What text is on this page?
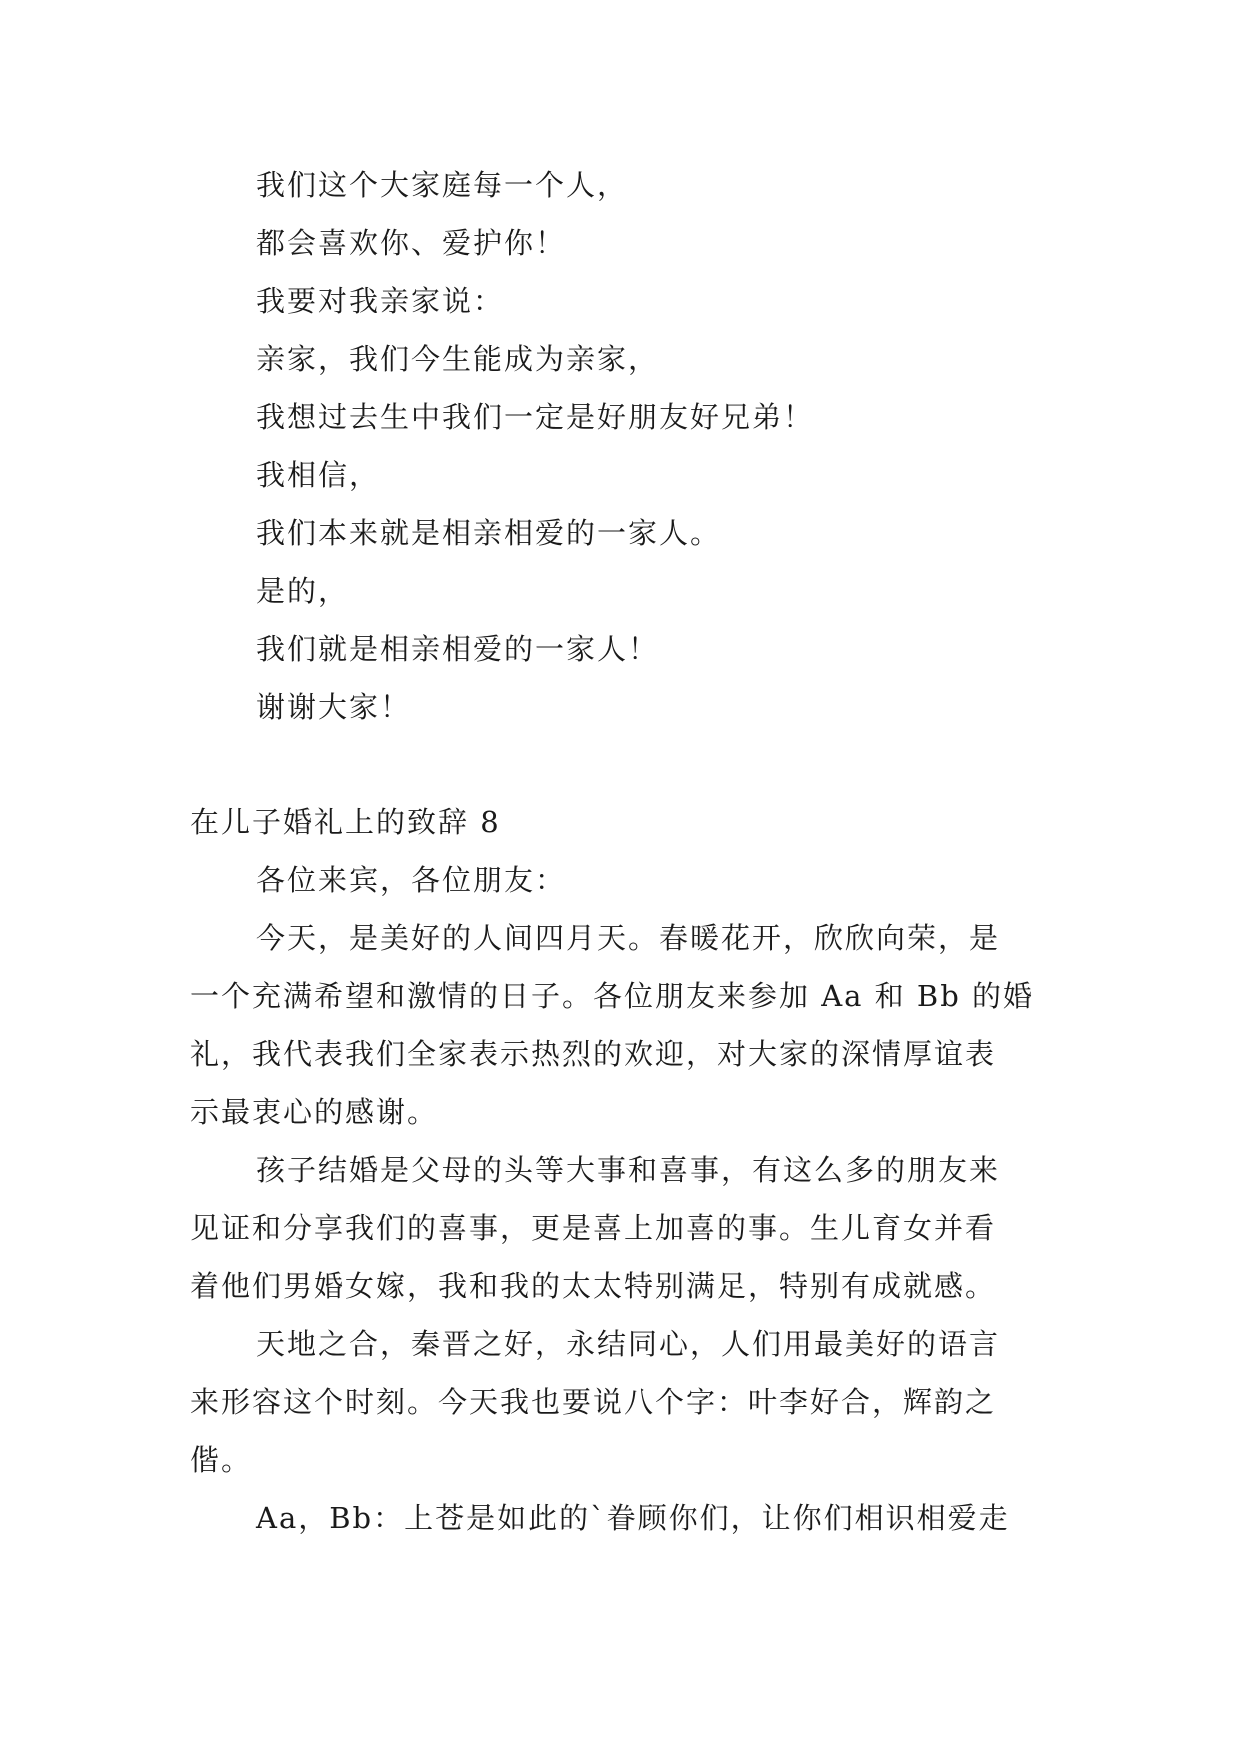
我们这个大家庭每一个人，
都会喜欢你、爱护你！
我要对我亲家说：
亲家，我们今生能成为亲家，
我想过去生中我们一定是好朋友好兄弟！
我相信，
我们本来就是相亲相爱的一家人。
是的，
我们就是相亲相爱的一家人！
谢谢大家！
在儿子婚礼上的致辞 8
各位来宾，各位朋友：
今天，是美好的人间四月天。春暖花开，欣欣向荣，是
一个充满希望和激情的日子。各位朋友来参加 Aa 和 Bb 的婚
礼，我代表我们全家表示热烈的欢迎，对大家的深情厚谊表
示最衷心的感谢。
孩子结婚是父母的头等大事和喜事，有这么多的朋友来
见证和分享我们的喜事，更是喜上加喜的事。生儿育女并看
着他们男婚女嫁，我和我的太太特别满足，特别有成就感。
天地之合，秦晋之好，永结同心，人们用最美好的语言
来形容这个时刻。今天我也要说八个字：叶李好合，辉韵之
偕。
Aa，Bb：上苍是如此的`眷顾你们，让你们相识相爱走
